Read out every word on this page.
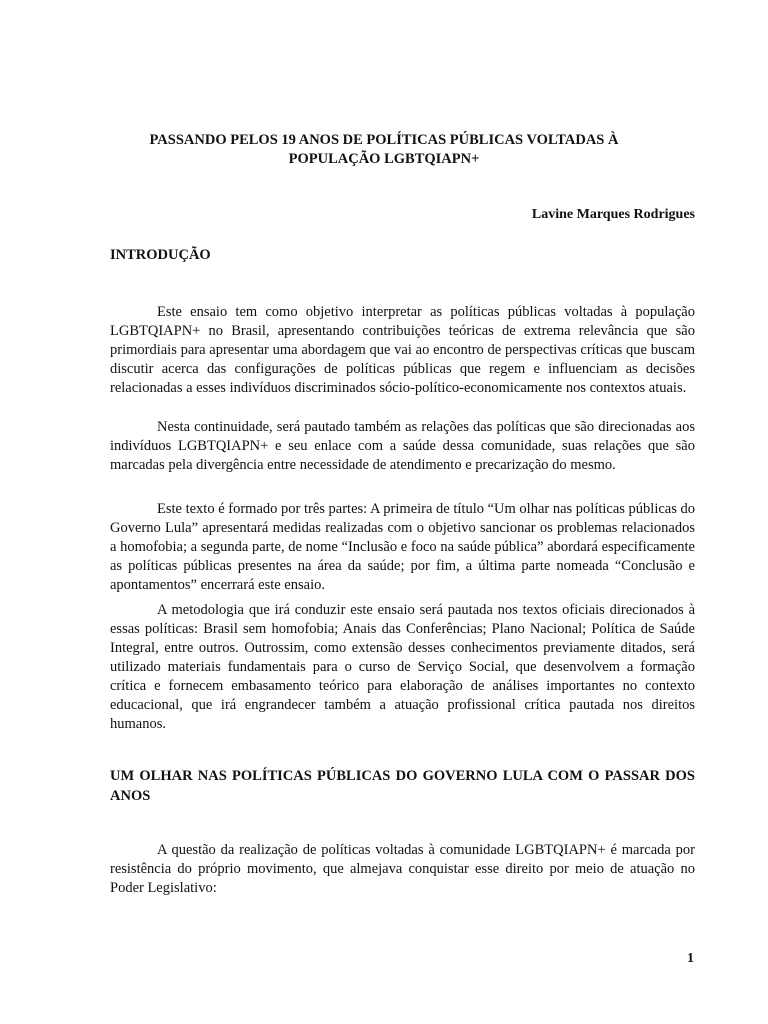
PASSANDO PELOS 19 ANOS DE POLÍTICAS PÚBLICAS VOLTADAS À POPULAÇÃO LGBTQIAPN+
Lavine Marques Rodrigues
INTRODUÇÃO

Este ensaio tem como objetivo interpretar as políticas públicas voltadas à população LGBTQIAPN+ no Brasil, apresentando contribuições teóricas de extrema relevância que são primordiais para apresentar uma abordagem que vai ao encontro de perspectivas críticas que buscam discutir acerca das configurações de políticas públicas que regem e influenciam as decisões relacionadas a esses indivíduos discriminados sócio-político-economicamente nos contextos atuais.

Nesta continuidade, será pautado também as relações das políticas que são direcionadas aos indivíduos LGBTQIAPN+ e seu enlace com a saúde dessa comunidade, suas relações que são marcadas pela divergência entre necessidade de atendimento e precarização do mesmo.

Este texto é formado por três partes: A primeira de título “Um olhar nas políticas públicas do Governo Lula” apresentará medidas realizadas com o objetivo sancionar os problemas relacionados a homofobia; a segunda parte, de nome “Inclusão e foco na saúde pública” abordará especificamente as políticas públicas presentes na área da saúde; por fim, a última parte nomeada “Conclusão e apontamentos” encerrará este ensaio.

A metodologia que irá conduzir este ensaio será pautada nos textos oficiais direcionados à essas políticas: Brasil sem homofobia; Anais das Conferências; Plano Nacional; Política de Saúde Integral, entre outros. Outrossim, como extensão desses conhecimentos previamente ditados, será utilizado materiais fundamentais para o curso de Serviço Social, que desenvolvem a formação crítica e fornecem embasamento teórico para elaboração de análises importantes no contexto educacional, que irá engrandecer também a atuação profissional crítica pautada nos direitos humanos.

UM OLHAR NAS POLÍTICAS PÚBLICAS DO GOVERNO LULA COM O PASSAR DOS ANOS

A questão da realização de políticas voltadas à comunidade LGBTQIAPN+ é marcada por resistência do próprio movimento, que almejava conquistar esse direito por meio de atuação no Poder Legislativo:

1
